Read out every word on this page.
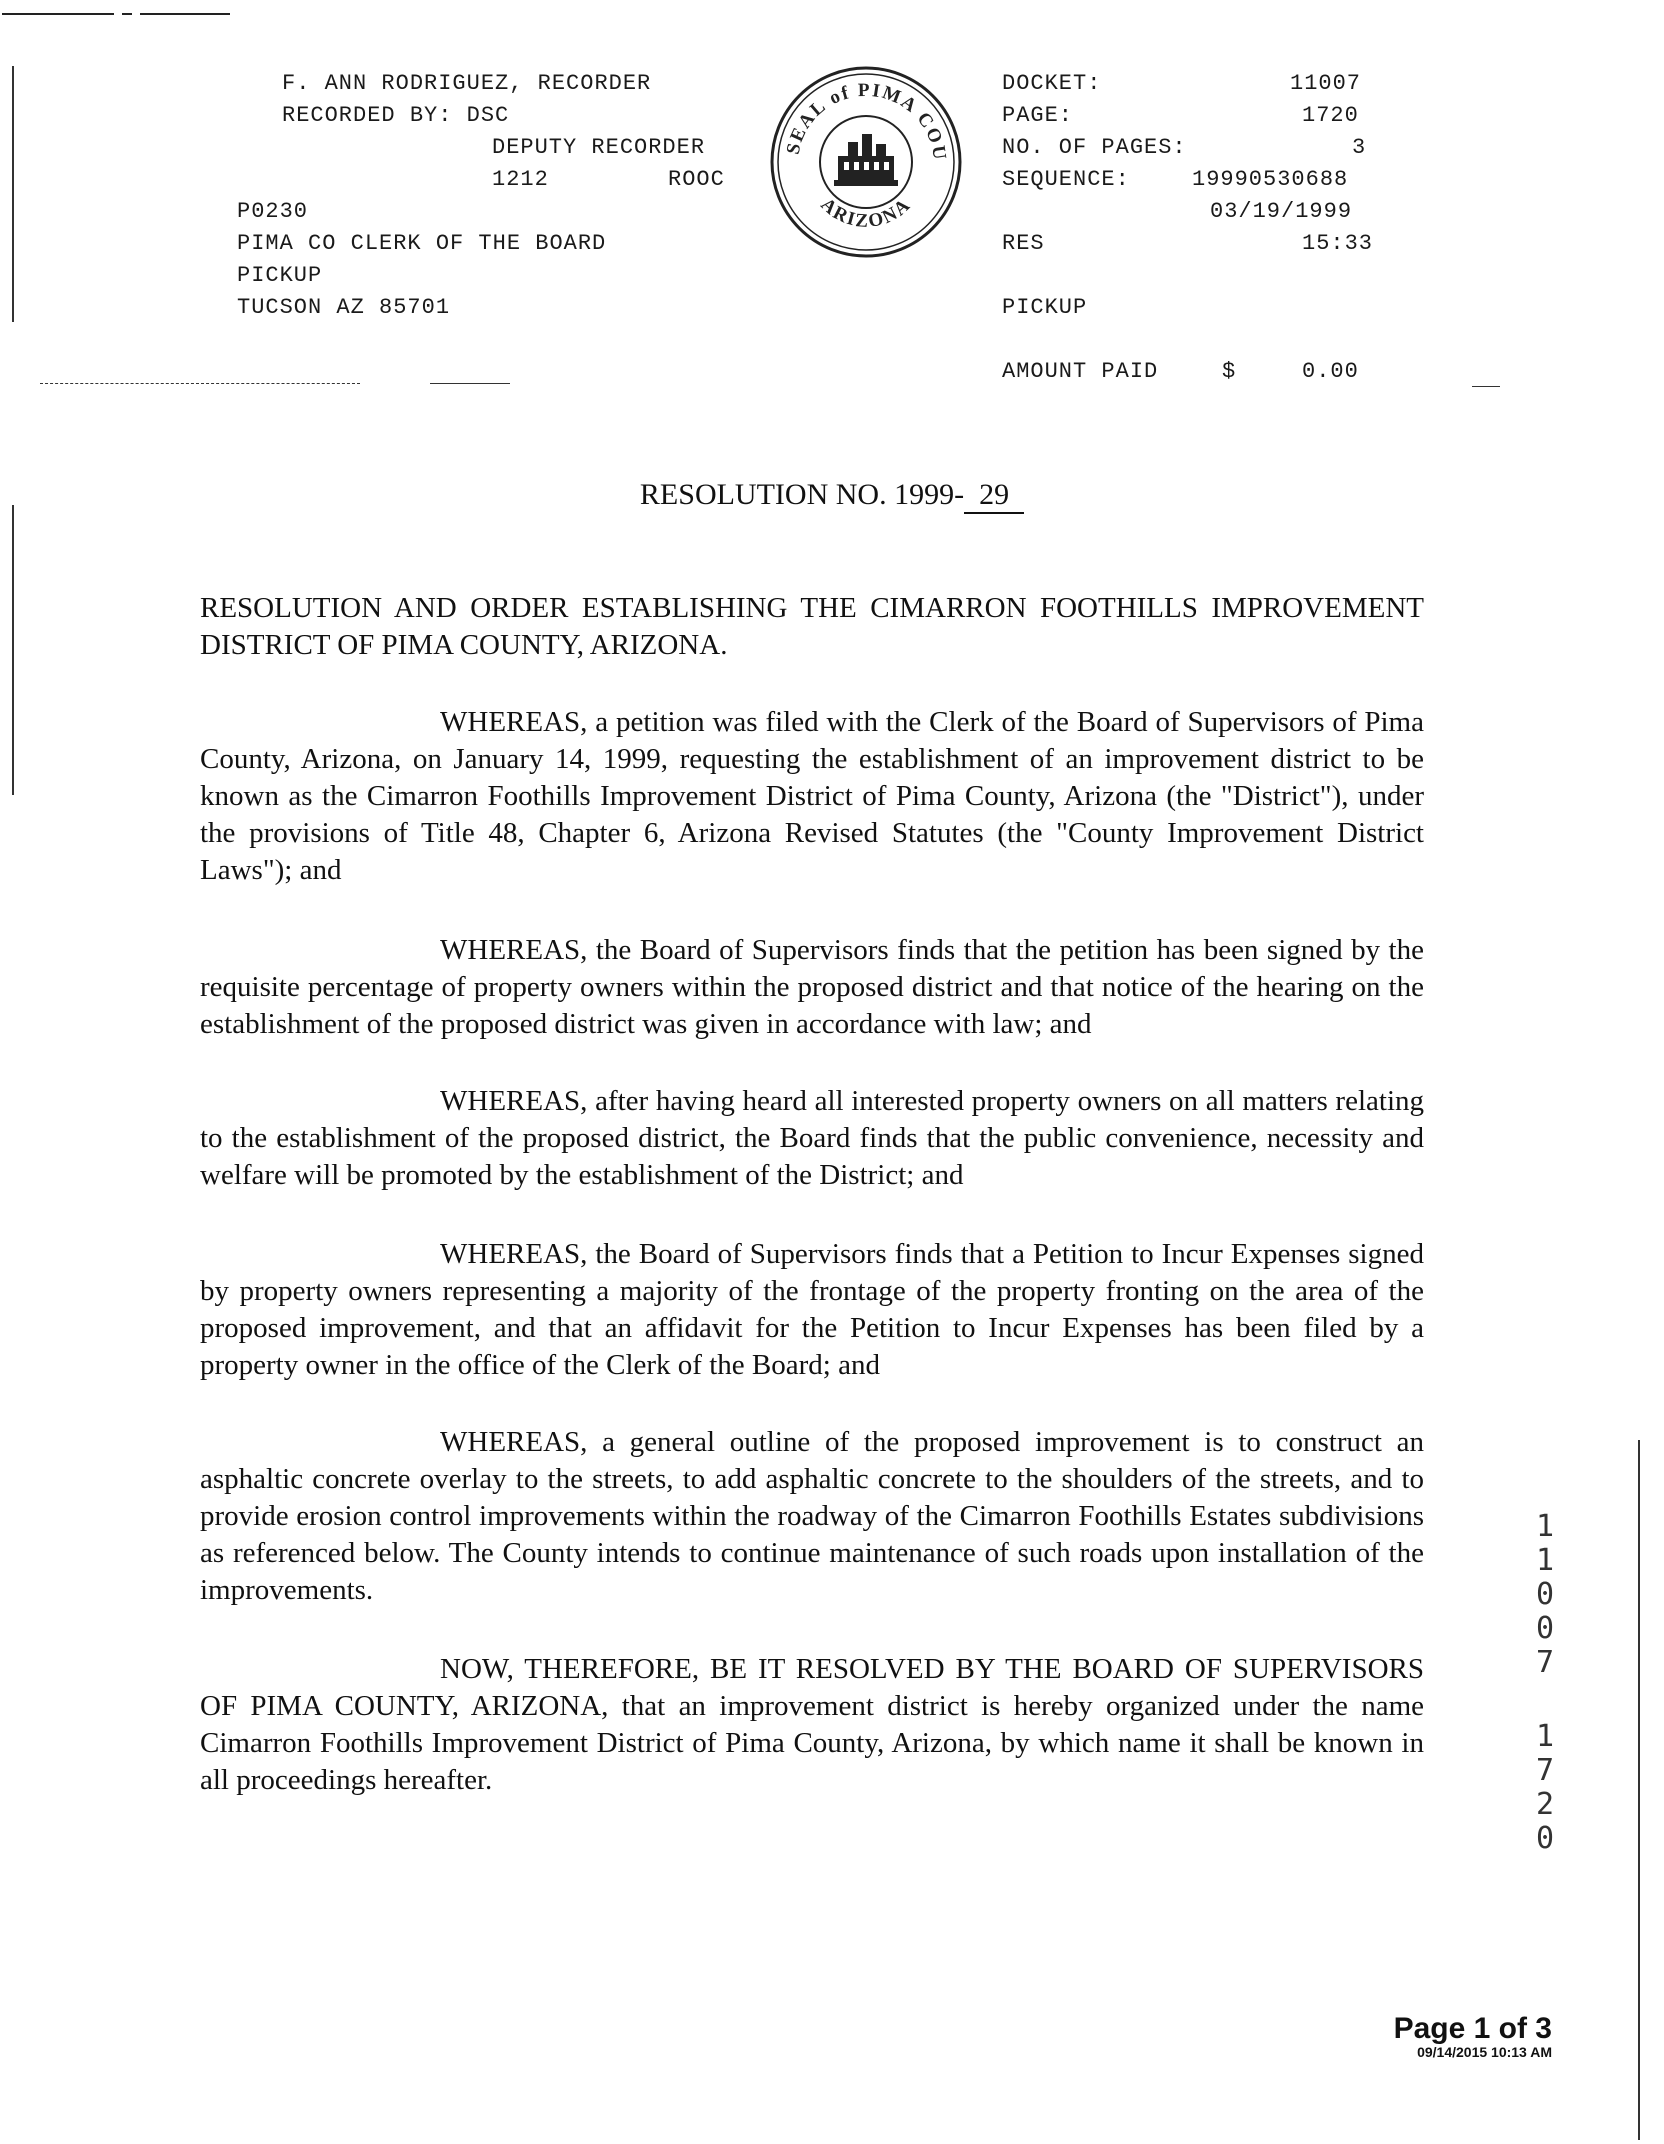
F. ANN RODRIGUEZ, RECORDER
RECORDED BY: DSC
DEPUTY RECORDER
1212	ROOC
P0230
PIMA CO CLERK OF THE BOARD
PICKUP
TUCSON AZ 85701
SEAL of PIMA COU
ARIZONA
DOCKET:	11007
PAGE:	1720
NO. OF PAGES:	3
SEQUENCE:	19990530688
03/19/1999
RES	15:33
PICKUP
AMOUNT PAID	$	0.00
RESOLUTION NO. 1999- 29
RESOLUTION AND ORDER ESTABLISHING THE CIMARRON FOOTHILLS IMPROVEMENT DISTRICT OF PIMA COUNTY, ARIZONA.

WHEREAS, a petition was filed with the Clerk of the Board of Supervisors of Pima County, Arizona, on January 14, 1999, requesting the establishment of an improvement district to be known as the Cimarron Foothills Improvement District of Pima County, Arizona (the "District"), under the provisions of Title 48, Chapter 6, Arizona Revised Statutes (the "County Improvement District Laws"); and

WHEREAS, the Board of Supervisors finds that the petition has been signed by the requisite percentage of property owners within the proposed district and that notice of the hearing on the establishment of the proposed district was given in accordance with law; and

WHEREAS, after having heard all interested property owners on all matters relating to the establishment of the proposed district, the Board finds that the public convenience, necessity and welfare will be promoted by the establishment of the District; and

WHEREAS, the Board of Supervisors finds that a Petition to Incur Expenses signed by property owners representing a majority of the frontage of the property fronting on the area of the proposed improvement, and that an affidavit for the Petition to Incur Expenses has been filed by a property owner in the office of the Clerk of the Board; and

WHEREAS, a general outline of the proposed improvement is to construct an asphaltic concrete overlay to the streets, to add asphaltic concrete to the shoulders of the streets, and to provide erosion control improvements within the roadway of the Cimarron Foothills Estates subdivisions as referenced below. The County intends to continue maintenance of such roads upon installation of the improvements.

NOW, THEREFORE, BE IT RESOLVED BY THE BOARD OF SUPERVISORS OF PIMA COUNTY, ARIZONA, that an improvement district is hereby organized under the name Cimarron Foothills Improvement District of Pima County, Arizona, by which name it shall be known in all proceedings hereafter.

1
1
0
0
7
1
7
2
0
Page 1 of 3
09/14/2015 10:13 AM
